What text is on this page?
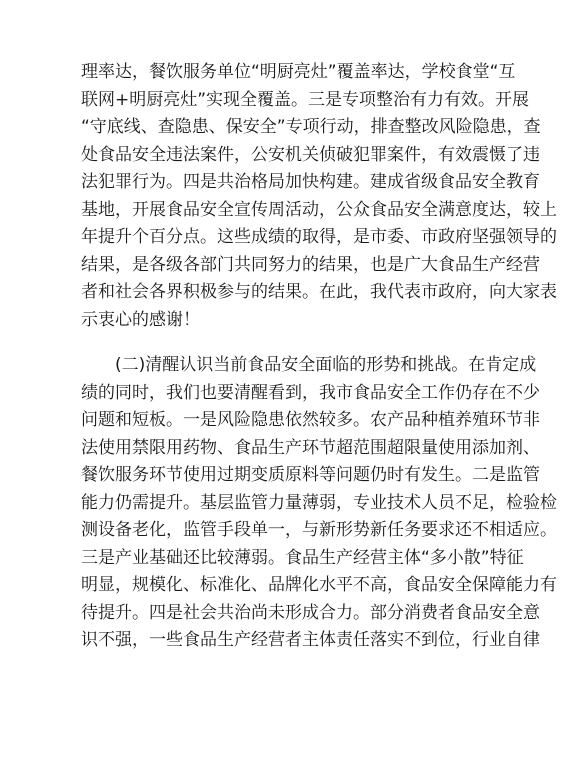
理率达，餐饮服务单位“明厨亮灶”覆盖率达，学校食堂“互
联网+明厨亮灶”实现全覆盖。三是专项整治有力有效。开展
“守底线、查隐患、保安全”专项行动，排查整改风险隐患，查
处食品安全违法案件，公安机关侦破犯罪案件，有效震慑了违
法犯罪行为。四是共治格局加快构建。建成省级食品安全教育
基地，开展食品安全宣传周活动，公众食品安全满意度达，较上
年提升个百分点。这些成绩的取得，是市委、市政府坚强领导的
结果，是各级各部门共同努力的结果，也是广大食品生产经营
者和社会各界积极参与的结果。在此，我代表市政府，向大家表
示衷心的感谢！
(二)清醒认识当前食品安全面临的形势和挑战。在肯定成
绩的同时，我们也要清醒看到，我市食品安全工作仍存在不少
问题和短板。一是风险隐患依然较多。农产品种植养殖环节非
法使用禁限用药物、食品生产环节超范围超限量使用添加剂、
餐饮服务环节使用过期变质原料等问题仍时有发生。二是监管
能力仍需提升。基层监管力量薄弱，专业技术人员不足，检验检
测设备老化，监管手段单一，与新形势新任务要求还不相适应。
三是产业基础还比较薄弱。食品生产经营主体“多小散”特征
明显，规模化、标准化、品牌化水平不高，食品安全保障能力有
待提升。四是社会共治尚未形成合力。部分消费者食品安全意
识不强，一些食品生产经营者主体责任落实不到位，行业自律
